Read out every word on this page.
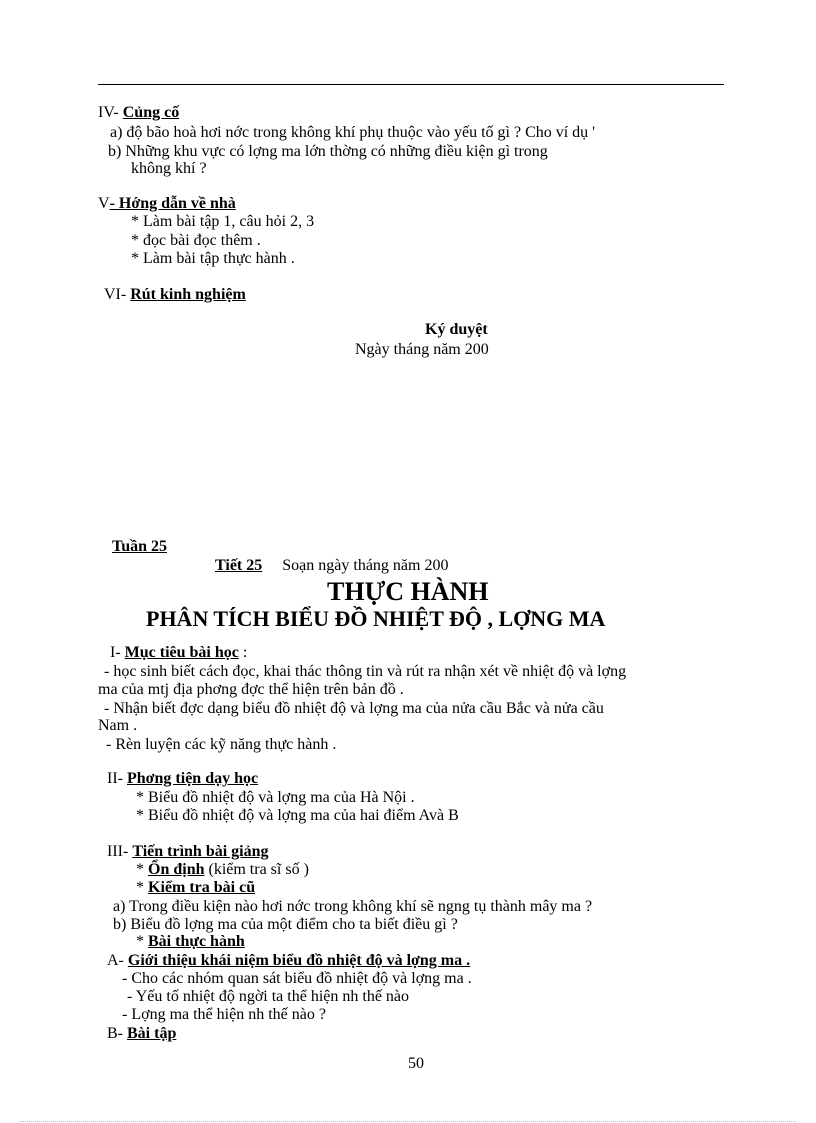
IV- Củng cố
a) độ bão hoà hơi nớc trong không khí phụ thuộc vào yếu tố gì ? Cho ví dụ '
b) Những khu vực có lợng ma lớn thờng có những điều kiện gì trong
không khí ?
V- Hớng dẫn về nhà
* Làm bài tập 1, câu hỏi 2, 3
* đọc bài đọc thêm .
* Làm bài tập thực hành .
VI- Rút kinh nghiệm
Ký duyệt
Ngày tháng năm 200
Tuần 25
Tiết 25 Soạn ngày tháng năm 200
THỰC HÀNH
PHÂN TÍCH BIỂU ĐỒ NHIỆT ĐỘ , LỢNG MA
I- Mục tiêu bài học :
- học sinh biết cách đọc, khai thác thông tin và rút ra nhận xét về nhiệt độ và lợng
ma của mtj địa phơng đợc thể hiện trên bản đồ .
- Nhận biết đợc dạng biểu đồ nhiệt độ và lợng ma của nửa cầu Bắc và nửa cầu
Nam .
- Rèn luyện các kỹ năng thực hành .
II- Phơng tiện dạy học
* Biểu đồ nhiệt độ và lợng ma của Hà Nội .
* Biểu đồ nhiệt độ và lợng ma của hai điểm Avà B
III- Tiến trình bài giảng
* Ổn định (kiểm tra sĩ số )
* Kiểm tra bài cũ
a) Trong điều kiện nào hơi nớc trong không khí sẽ ngng tụ thành mây ma ?
b) Biểu đồ lợng ma của một điểm cho ta biết điều gì ?
* Bài thực hành
A- Giới thiệu khái niệm biểu đồ nhiệt độ và lợng ma .
- Cho các nhóm quan sát biểu đồ nhiệt độ và lợng ma .
- Yếu tố nhiệt độ ngời ta thể hiện nh thế nào
- Lợng ma thể hiện nh thế nào ?
B- Bài tập
50
